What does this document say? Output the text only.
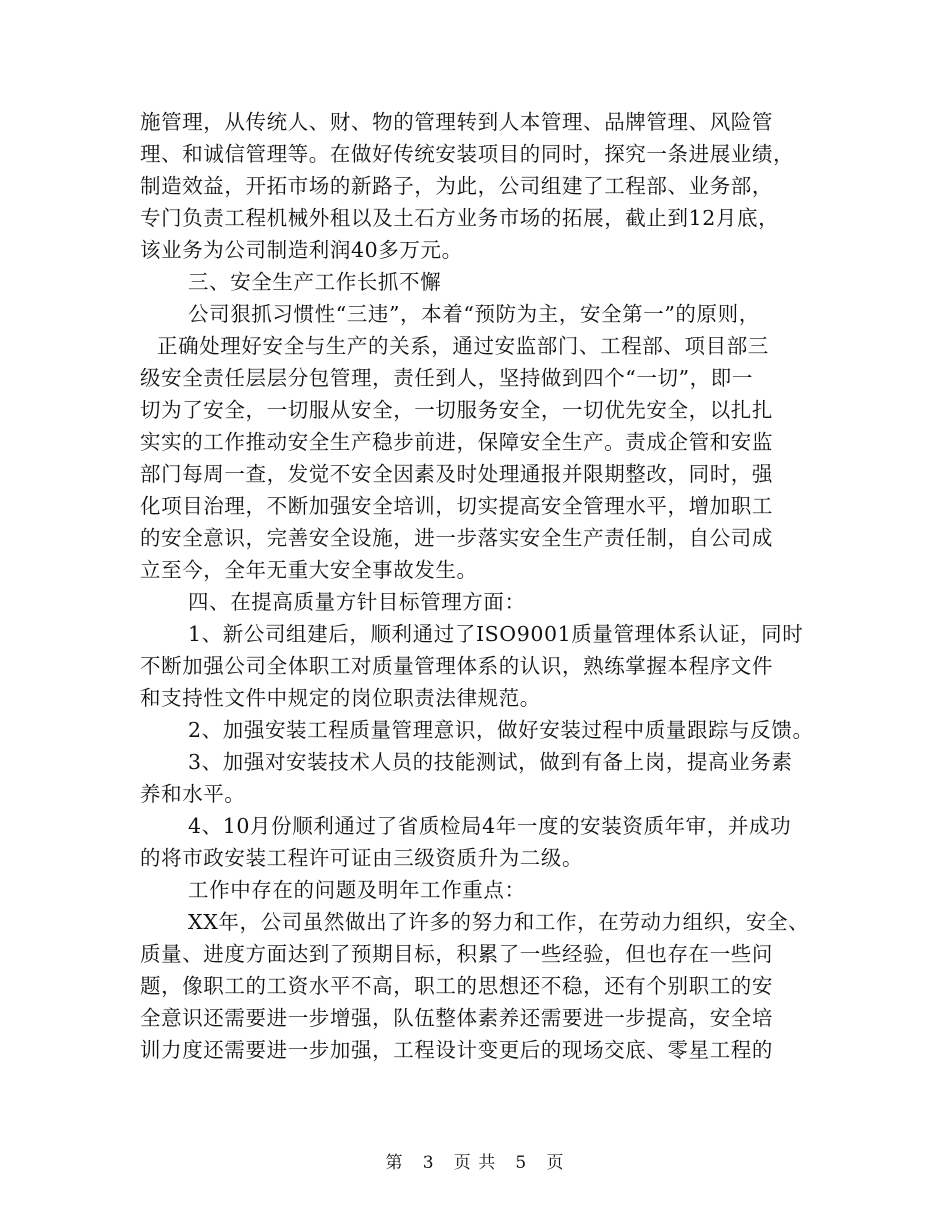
施管理，从传统人、财、物的管理转到人本管理、品牌管理、风险管
理、和诚信管理等。在做好传统安装项目的同时，探究一条进展业绩，
制造效益，开拓市场的新路子，为此，公司组建了工程部、业务部，
专门负责工程机械外租以及土石方业务市场的拓展，截止到12月底，
该业务为公司制造利润40多万元。
三、安全生产工作长抓不懈
公司狠抓习惯性“三违”，本着“预防为主，安全第一”的原则，
正确处理好安全与生产的关系，通过安监部门、工程部、项目部三
级安全责任层层分包管理，责任到人，坚持做到四个“一切”，即一
切为了安全，一切服从安全，一切服务安全，一切优先安全，以扎扎
实实的工作推动安全生产稳步前进，保障安全生产。责成企管和安监
部门每周一查，发觉不安全因素及时处理通报并限期整改，同时，强
化项目治理，不断加强安全培训，切实提高安全管理水平，增加职工
的安全意识，完善安全设施，进一步落实安全生产责任制，自公司成
立至今，全年无重大安全事故发生。
四、在提高质量方针目标管理方面：
1、新公司组建后，顺利通过了ISO9001质量管理体系认证，同时
不断加强公司全体职工对质量管理体系的认识，熟练掌握本程序文件
和支持性文件中规定的岗位职责法律规范。
2、加强安装工程质量管理意识，做好安装过程中质量跟踪与反馈。
3、加强对安装技术人员的技能测试，做到有备上岗，提高业务素
养和水平。
4、10月份顺利通过了省质检局4年一度的安装资质年审，并成功
的将市政安装工程许可证由三级资质升为二级。
工作中存在的问题及明年工作重点：
XX年，公司虽然做出了许多的努力和工作，在劳动力组织，安全、
质量、进度方面达到了预期目标，积累了一些经验，但也存在一些问
题，像职工的工资水平不高，职工的思想还不稳，还有个别职工的安
全意识还需要进一步增强，队伍整体素养还需要进一步提高，安全培
训力度还需要进一步加强，工程设计变更后的现场交底、零星工程的
第 3 页 共 5 页
